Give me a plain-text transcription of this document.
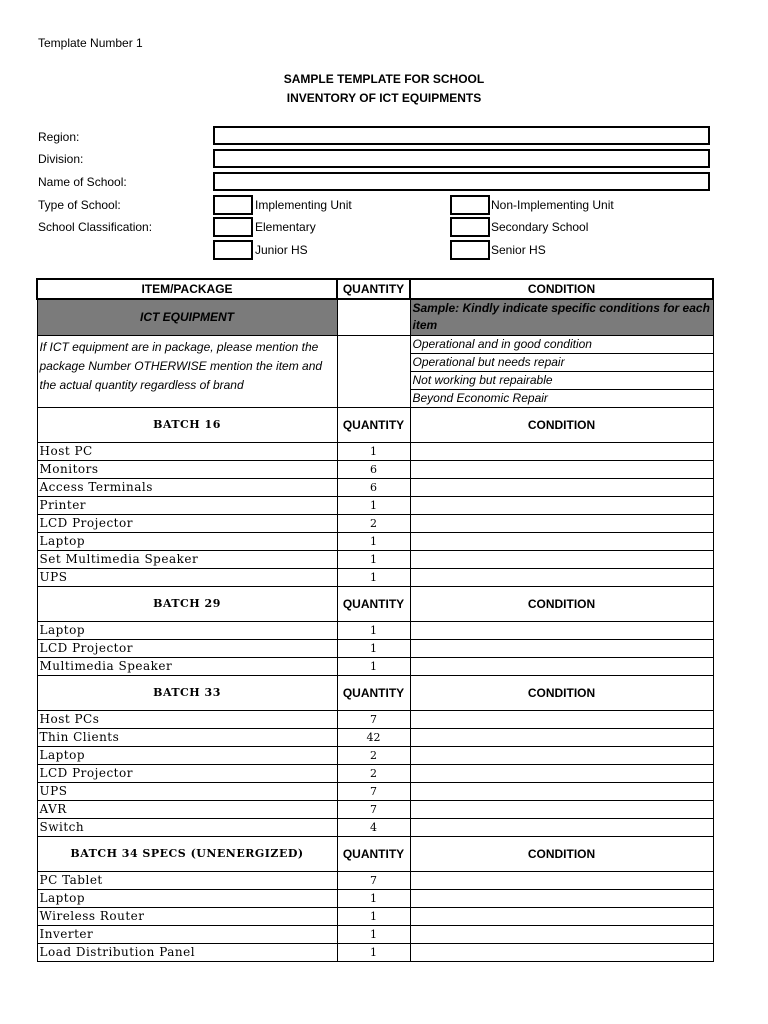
Template Number 1
SAMPLE TEMPLATE FOR SCHOOL
INVENTORY OF ICT EQUIPMENTS
Region:
Division:
Name of School:
Type of School:	Implementing Unit	Non-Implementing Unit
School Classification:	Elementary	Secondary School
Junior HS	Senior HS
ITEM/PACKAGE	QUANTITY	CONDITION
ICT EQUIPMENT		Sample: Kindly indicate specific conditions for each item
If ICT equipment are in package, please mention the package Number OTHERWISE mention the item and the actual quantity regardless of brand		Operational and in good condition
		Operational but needs repair
		Not working but repairable
		Beyond Economic Repair
BATCH 16	QUANTITY	CONDITION
Host PC	1	
Monitors	6	
Access Terminals	6	
Printer	1	
LCD Projector	2	
Laptop	1	
Set Multimedia Speaker	1	
UPS	1	
BATCH 29	QUANTITY	CONDITION
Laptop	1	
LCD Projector	1	
Multimedia Speaker	1	
BATCH 33	QUANTITY	CONDITION
Host PCs	7	
Thin Clients	42	
Laptop	2	
LCD Projector	2	
UPS	7	
AVR	7	
Switch	4	
BATCH 34 SPECS (UNENERGIZED)	QUANTITY	CONDITION
PC Tablet	7	
Laptop	1	
Wireless Router	1	
Inverter	1	
Load Distribution Panel	1	
